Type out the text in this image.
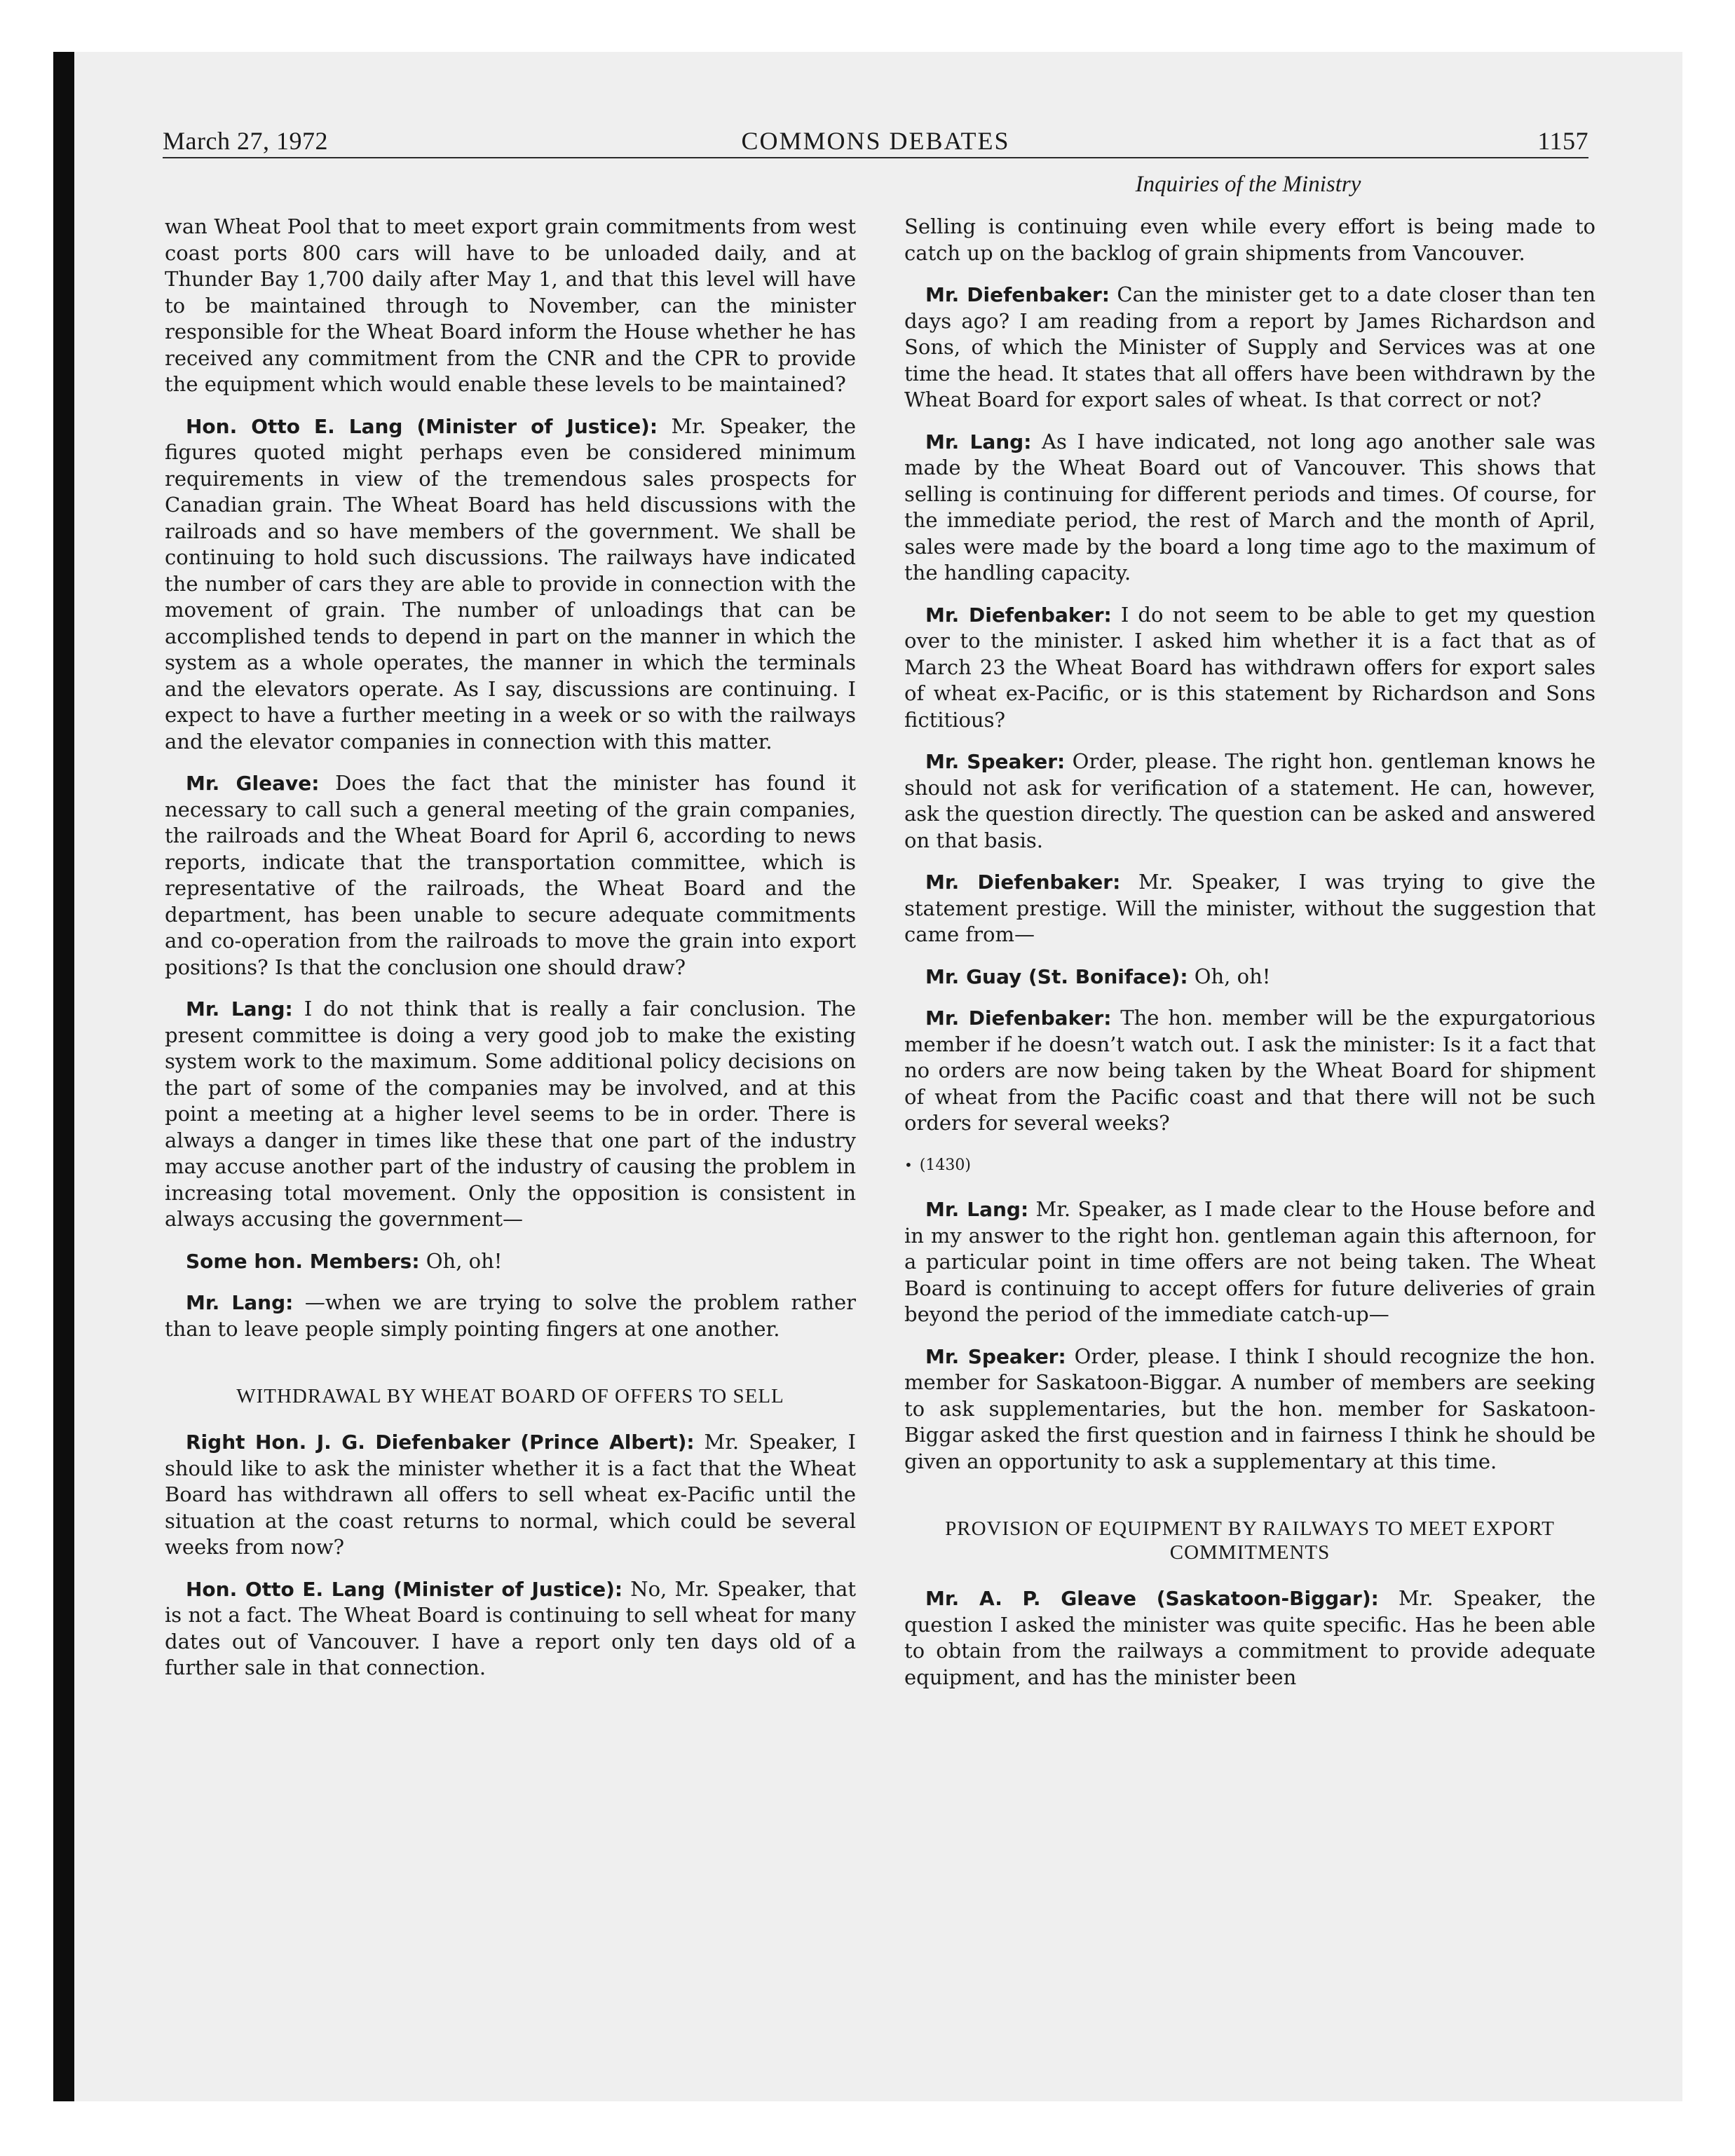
March 27, 1972	COMMONS DEBATES	1157
Inquiries of the Ministry

wan Wheat Pool that to meet export grain commitments from west coast ports 800 cars will have to be unloaded daily, and at Thunder Bay 1,700 daily after May 1, and that this level will have to be maintained through to November, can the minister responsible for the Wheat Board inform the House whether he has received any commitment from the CNR and the CPR to provide the equipment which would enable these levels to be maintained?

Hon. Otto E. Lang (Minister of Justice): Mr. Speaker, the figures quoted might perhaps even be considered minimum requirements in view of the tremendous sales prospects for Canadian grain. The Wheat Board has held discussions with the railroads and so have members of the government. We shall be continuing to hold such discussions. The railways have indicated the number of cars they are able to provide in connection with the movement of grain. The number of unloadings that can be accomplished tends to depend in part on the manner in which the system as a whole operates, the manner in which the terminals and the elevators operate. As I say, discussions are continuing. I expect to have a further meeting in a week or so with the railways and the elevator companies in connection with this matter.

Mr. Gleave: Does the fact that the minister has found it necessary to call such a general meeting of the grain companies, the railroads and the Wheat Board for April 6, according to news reports, indicate that the transportation committee, which is representative of the railroads, the Wheat Board and the department, has been unable to secure adequate commitments and co-operation from the railroads to move the grain into export positions? Is that the conclusion one should draw?

Mr. Lang: I do not think that is really a fair conclusion. The present committee is doing a very good job to make the existing system work to the maximum. Some additional policy decisions on the part of some of the companies may be involved, and at this point a meeting at a higher level seems to be in order. There is always a danger in times like these that one part of the industry may accuse another part of the industry of causing the problem in increasing total movement. Only the opposition is consistent in always accusing the government—

Some hon. Members: Oh, oh!

Mr. Lang: —when we are trying to solve the problem rather than to leave people simply pointing fingers at one another.

WITHDRAWAL BY WHEAT BOARD OF OFFERS TO SELL

Right Hon. J. G. Diefenbaker (Prince Albert): Mr. Speaker, I should like to ask the minister whether it is a fact that the Wheat Board has withdrawn all offers to sell wheat ex-Pacific until the situation at the coast returns to normal, which could be several weeks from now?

Hon. Otto E. Lang (Minister of Justice): No, Mr. Speaker, that is not a fact. The Wheat Board is continuing to sell wheat for many dates out of Vancouver. I have a report only ten days old of a further sale in that connection.

Selling is continuing even while every effort is being made to catch up on the backlog of grain shipments from Vancouver.

Mr. Diefenbaker: Can the minister get to a date closer than ten days ago? I am reading from a report by James Richardson and Sons, of which the Minister of Supply and Services was at one time the head. It states that all offers have been withdrawn by the Wheat Board for export sales of wheat. Is that correct or not?

Mr. Lang: As I have indicated, not long ago another sale was made by the Wheat Board out of Vancouver. This shows that selling is continuing for different periods and times. Of course, for the immediate period, the rest of March and the month of April, sales were made by the board a long time ago to the maximum of the handling capacity.

Mr. Diefenbaker: I do not seem to be able to get my question over to the minister. I asked him whether it is a fact that as of March 23 the Wheat Board has withdrawn offers for export sales of wheat ex-Pacific, or is this statement by Richardson and Sons fictitious?

Mr. Speaker: Order, please. The right hon. gentleman knows he should not ask for verification of a statement. He can, however, ask the question directly. The question can be asked and answered on that basis.

Mr. Diefenbaker: Mr. Speaker, I was trying to give the statement prestige. Will the minister, without the suggestion that came from—

Mr. Guay (St. Boniface): Oh, oh!

Mr. Diefenbaker: The hon. member will be the expurgatorious member if he doesn’t watch out. I ask the minister: Is it a fact that no orders are now being taken by the Wheat Board for shipment of wheat from the Pacific coast and that there will not be such orders for several weeks?

• (1430)

Mr. Lang: Mr. Speaker, as I made clear to the House before and in my answer to the right hon. gentleman again this afternoon, for a particular point in time offers are not being taken. The Wheat Board is continuing to accept offers for future deliveries of grain beyond the period of the immediate catch-up—

Mr. Speaker: Order, please. I think I should recognize the hon. member for Saskatoon-Biggar. A number of members are seeking to ask supplementaries, but the hon. member for Saskatoon-Biggar asked the first question and in fairness I think he should be given an opportunity to ask a supplementary at this time.

PROVISION OF EQUIPMENT BY RAILWAYS TO MEET EXPORT COMMITMENTS

Mr. A. P. Gleave (Saskatoon-Biggar): Mr. Speaker, the question I asked the minister was quite specific. Has he been able to obtain from the railways a commitment to provide adequate equipment, and has the minister been
